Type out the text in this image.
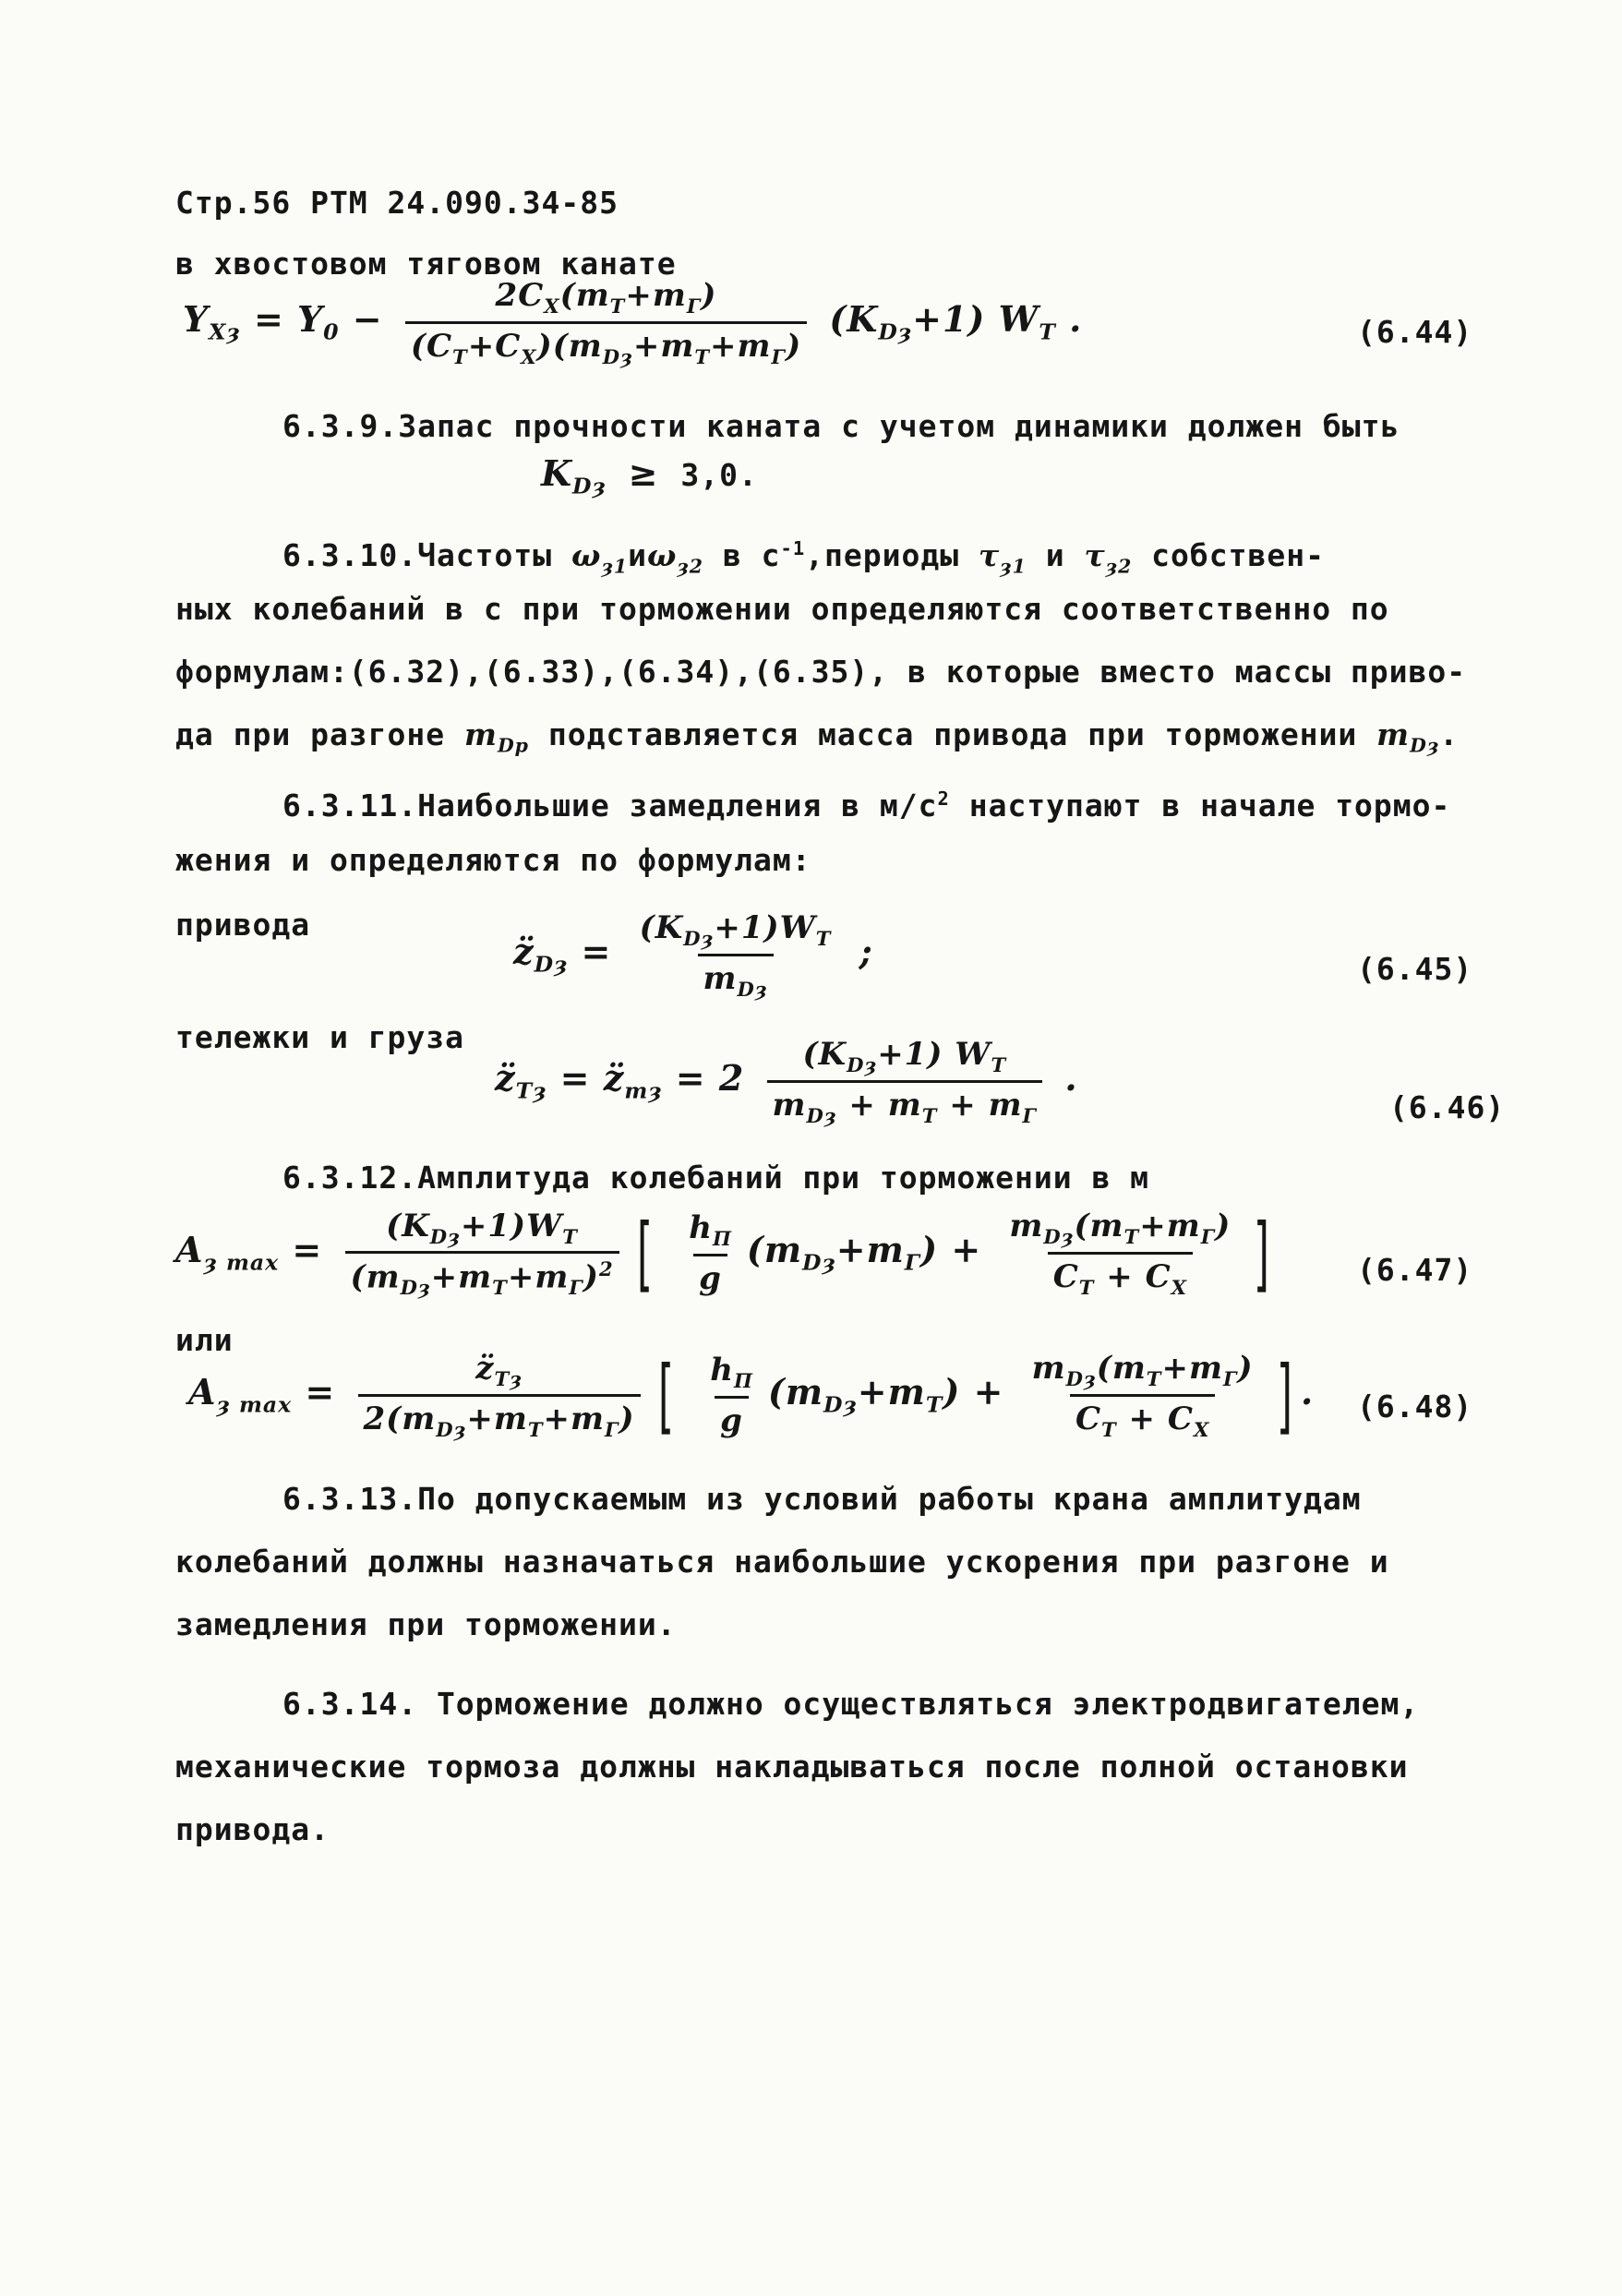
Стр.56 РТМ 24.090.34-85
в хвостовом тяговом канате
$Y_{Xȝ} = Y_0 - \frac{2C_X(m_T+m_Г)}{(C_T+C_X)(m_{Dȝ}+m_T+m_Г)} (K_{Dȝ}+1)$ $W_T$ .	(6.44)
6.3.9.Запас прочности каната с учетом динамики должен быть
$K_{Dȝ} \ge 3,0$.
6.3.10.Частоты $\omega_{ȝ1}и\omega_{ȝ2}$ в $с^{-1},периоды$ $\tau_{ȝ1}$ и $\tau_{ȝ2}$ собствен-
ных колебаний в с при торможении определяются соответственно по
формулам:(6.32),(6.33),(6.34),(6.35), в которые вместо массы приво-
да при разгоне $m_{Dp}$ подставляется масса привода при торможении $m_{Dȝ}$.
6.3.11.Наибольшие замедления в $м/с^2$ наступают в начале тормо-
жения и определяются по формулам:
привода
$z̈_{Dȝ} = \frac{(K_{Dȝ}+1)W_T}{m_{Dȝ}}$ ;	(6.45)
тележки и груза
$z̈_{Tȝ}$ = $z̈_{mȝ} = 2 \frac{(K_{Dȝ}+1) W_T}{m_{Dȝ} + m_T + m_Г}$ .
(6.46)
6.3.12.Амплитуда колебаний при торможении в м
$A_{ȝ max} = \frac{(K_{Dȝ}+1)W_T}{(m_{Dȝ}+m_T+m_Г)^2}$ [ $\frac{h_П}{g} (m_{Dȝ}+m_Г) + \frac{m_{Dȝ}(m_T+m_Г)}{C_T + C_X}$ ]	(6.47)
или
$A_{ȝ max} = \frac{z̈_{Tȝ}}{2(m_{Dȝ}+m_T+m_Г)}$ [ $\frac{h_П}{g} (m_{Dȝ}+m_T) + \frac{m_{Dȝ}(m_T+m_Г)}{C_T + C_X}$ ] . (6.48)
6.3.13.По допускаемым из условий работы крана амплитудам
колебаний должны назначаться наибольшие ускорения при разгоне и
замедления при торможении.
6.3.14. Торможение должно осуществляться электродвигателем,
механические тормоза должны накладываться после полной остановки
привода.
